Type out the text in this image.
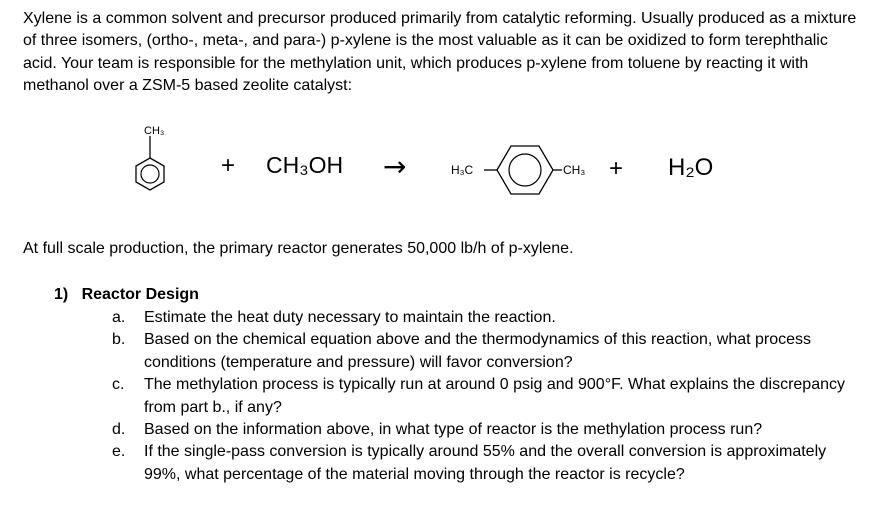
Xylene is a common solvent and precursor produced primarily from catalytic reforming. Usually produced as a mixture of three isomers, (ortho-, meta-, and para-) p-xylene is the most valuable as it can be oxidized to form terephthalic acid. Your team is responsible for the methylation unit, which produces p-xylene from toluene by reacting it with methanol over a ZSM-5 based zeolite catalyst:
CH₃
+ CH₃OH →	H₃C	CH₃ + H₂O
At full scale production, the primary reactor generates 50,000 lb/h of p-xylene.
1) Reactor Design
a. Estimate the heat duty necessary to maintain the reaction.
b. Based on the chemical equation above and the thermodynamics of this reaction, what process conditions (temperature and pressure) will favor conversion?
c. The methylation process is typically run at around 0 psig and 900°F. What explains the discrepancy from part b., if any?
d. Based on the information above, in what type of reactor is the methylation process run?
e. If the single-pass conversion is typically around 55% and the overall conversion is approximately 99%, what percentage of the material moving through the reactor is recycle?
